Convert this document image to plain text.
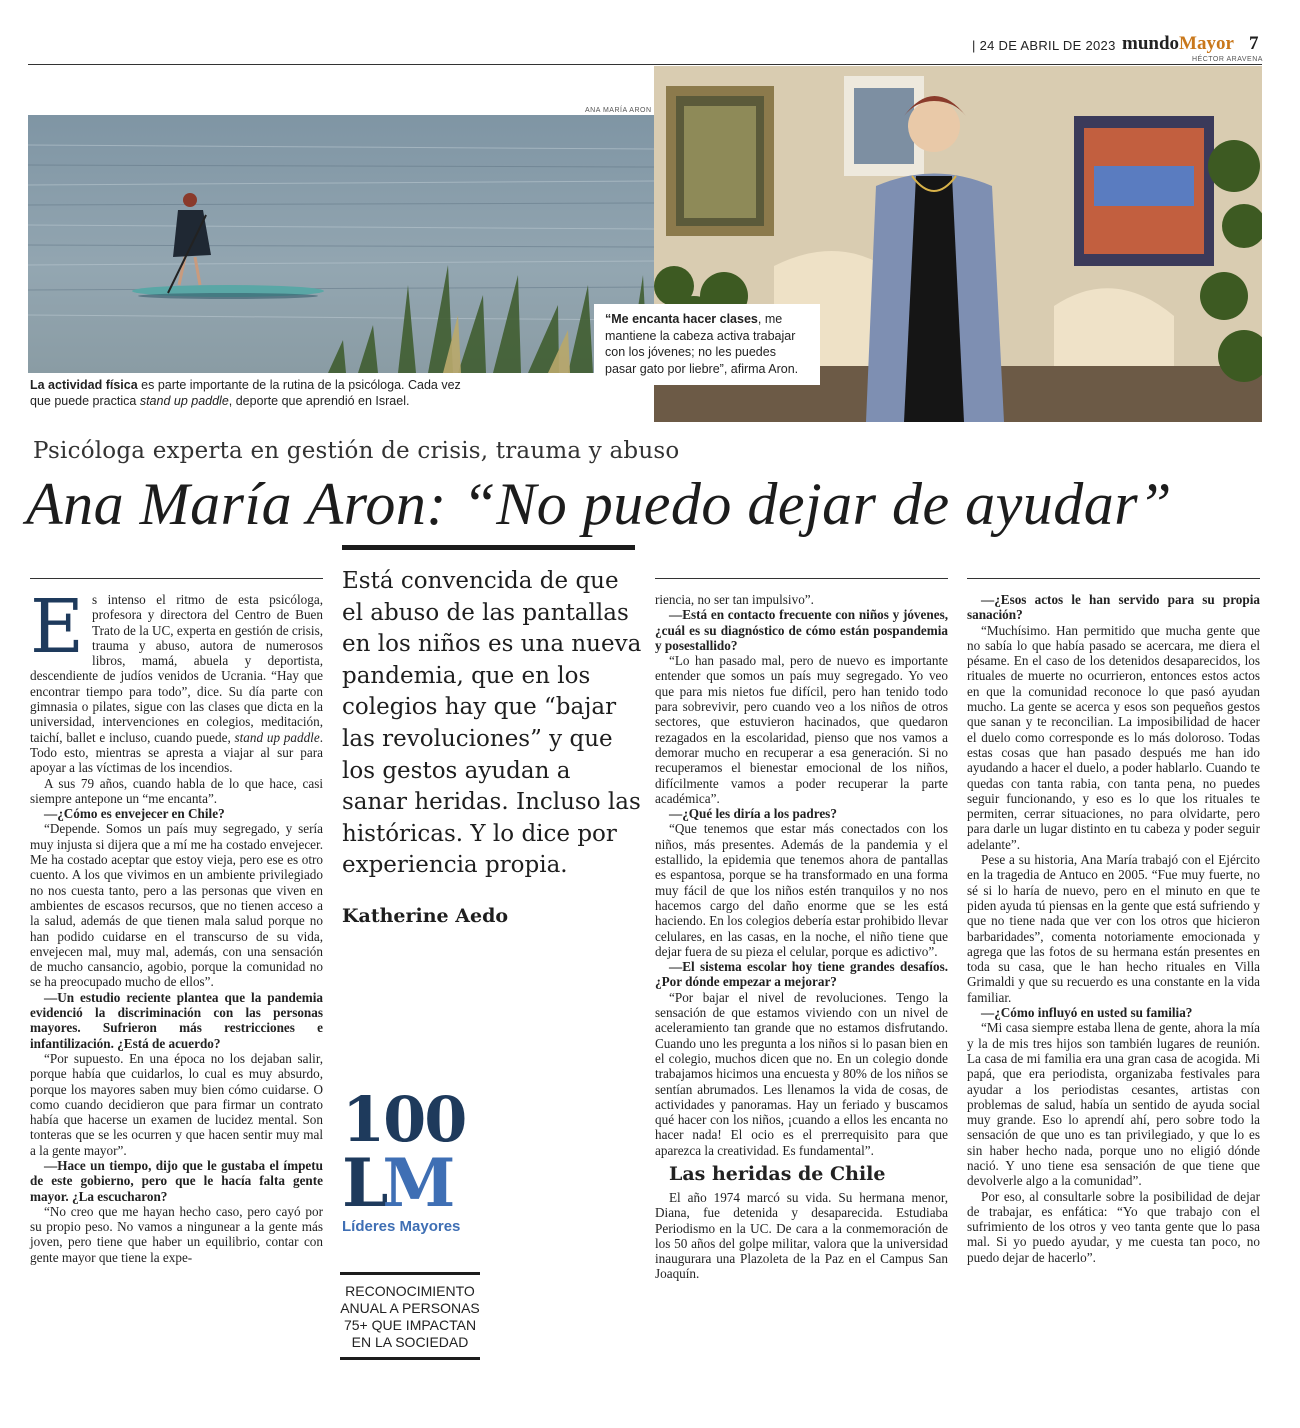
| 24 DE ABRIL DE 2023 mundoMayor 7
HÉCTOR ARAVENA
ANA MARÍA ARON
La actividad física es parte importante de la rutina de la psicóloga. Cada vez que puede practica stand up paddle, deporte que aprendió en Israel.
“Me encanta hacer clases, me mantiene la cabeza activa trabajar con los jóvenes; no les puedes pasar gato por liebre”, afirma Aron.
Psicóloga experta en gestión de crisis, trauma y abuso
Ana María Aron: “No puedo dejar de ayudar”
Está convencida de que el abuso de las pantallas en los niños es una nueva pandemia, que en los colegios hay que “bajar las revoluciones” y que los gestos ayudan a sanar heridas. Incluso las históricas. Y lo dice por experiencia propia.
Katherine Aedo

Es intenso el ritmo de esta psicóloga, profesora y directora del Centro de Buen Trato de la UC, experta en gestión de crisis, trauma y abuso, autora de numerosos libros, mamá, abuela y deportista, descendiente de judíos venidos de Ucrania. “Hay que encontrar tiempo para todo”, dice. Su día parte con gimnasia o pilates, sigue con las clases que dicta en la universidad, intervenciones en colegios, meditación, taichí, ballet e incluso, cuando puede, stand up paddle. Todo esto, mientras se apresta a viajar al sur para apoyar a las víctimas de los incendios.

A sus 79 años, cuando habla de lo que hace, casi siempre antepone un “me encanta”.

—¿Cómo es envejecer en Chile?

“Depende. Somos un país muy segregado, y sería muy injusta si dijera que a mí me ha costado envejecer. Me ha costado aceptar que estoy vieja, pero ese es otro cuento. A los que vivimos en un ambiente privilegiado no nos cuesta tanto, pero a las personas que viven en ambientes de escasos recursos, que no tienen acceso a la salud, además de que tienen mala salud porque no han podido cuidarse en el transcurso de su vida, envejecen mal, muy mal, además, con una sensación de mucho cansancio, agobio, porque la comunidad no se ha preocupado mucho de ellos”.

—Un estudio reciente plantea que la pandemia evidenció la discriminación con las personas mayores. Sufrieron más restricciones e infantilización. ¿Está de acuerdo?

“Por supuesto. En una época no los dejaban salir, porque había que cuidarlos, lo cual es muy absurdo, porque los mayores saben muy bien cómo cuidarse. O como cuando decidieron que para firmar un contrato había que hacerse un examen de lucidez mental. Son tonteras que se les ocurren y que hacen sentir muy mal a la gente mayor”.

—Hace un tiempo, dijo que le gustaba el ímpetu de este gobierno, pero que le hacía falta gente mayor. ¿La escucharon?

“No creo que me hayan hecho caso, pero cayó por su propio peso. No vamos a ningunear a la gente más joven, pero tiene que haber un equilibrio, contar con gente mayor que tiene la expe-

100
LM
Líderes Mayores
RECONOCIMIENTO ANUAL A PERSONAS 75+ QUE IMPACTAN EN LA SOCIEDAD

riencia, no ser tan impulsivo”.

—Está en contacto frecuente con niños y jóvenes, ¿cuál es su diagnóstico de cómo están pospandemia y posestallido?

“Lo han pasado mal, pero de nuevo es importante entender que somos un país muy segregado. Yo veo que para mis nietos fue difícil, pero han tenido todo para sobrevivir, pero cuando veo a los niños de otros sectores, que estuvieron hacinados, que quedaron rezagados en la escolaridad, pienso que nos vamos a demorar mucho en recuperar a esa generación. Si no recuperamos el bienestar emocional de los niños, difícilmente vamos a poder recuperar la parte académica”.

—¿Qué les diría a los padres?

“Que tenemos que estar más conectados con los niños, más presentes. Además de la pandemia y el estallido, la epidemia que tenemos ahora de pantallas es espantosa, porque se ha transformado en una forma muy fácil de que los niños estén tranquilos y no nos hacemos cargo del daño enorme que se les está haciendo. En los colegios debería estar prohibido llevar celulares, en las casas, en la noche, el niño tiene que dejar fuera de su pieza el celular, porque es adictivo”.

—El sistema escolar hoy tiene grandes desafíos. ¿Por dónde empezar a mejorar?

“Por bajar el nivel de revoluciones. Tengo la sensación de que estamos viviendo con un nivel de aceleramiento tan grande que no estamos disfrutando. Cuando uno les pregunta a los niños si lo pasan bien en el colegio, muchos dicen que no. En un colegio donde trabajamos hicimos una encuesta y 80% de los niños se sentían abrumados. Les llenamos la vida de cosas, de actividades y panoramas. Hay un feriado y buscamos qué hacer con los niños, ¡cuando a ellos les encanta no hacer nada! El ocio es el prerrequisito para que aparezca la creatividad. Es fundamental”.

Las heridas de Chile

El año 1974 marcó su vida. Su hermana menor, Diana, fue detenida y desaparecida. Estudiaba Periodismo en la UC. De cara a la conmemoración de los 50 años del golpe militar, valora que la universidad inaugurara una Plazoleta de la Paz en el Campus San Joaquín.

—¿Esos actos le han servido para su propia sanación?

“Muchísimo. Han permitido que mucha gente que no sabía lo que había pasado se acercara, me diera el pésame. En el caso de los detenidos desaparecidos, los rituales de muerte no ocurrieron, entonces estos actos en que la comunidad reconoce lo que pasó ayudan mucho. La gente se acerca y esos son pequeños gestos que sanan y te reconcilian. La imposibilidad de hacer el duelo como corresponde es lo más doloroso. Todas estas cosas que han pasado después me han ido ayudando a hacer el duelo, a poder hablarlo. Cuando te quedas con tanta rabia, con tanta pena, no puedes seguir funcionando, y eso es lo que los rituales te permiten, cerrar situaciones, no para olvidarte, pero para darle un lugar distinto en tu cabeza y poder seguir adelante”.

Pese a su historia, Ana María trabajó con el Ejército en la tragedia de Antuco en 2005. “Fue muy fuerte, no sé si lo haría de nuevo, pero en el minuto en que te piden ayuda tú piensas en la gente que está sufriendo y que no tiene nada que ver con los otros que hicieron barbaridades”, comenta notoriamente emocionada y agrega que las fotos de su hermana están presentes en toda su casa, que le han hecho rituales en Villa Grimaldi y que su recuerdo es una constante en la vida familiar.

—¿Cómo influyó en usted su familia?

“Mi casa siempre estaba llena de gente, ahora la mía y la de mis tres hijos son también lugares de reunión. La casa de mi familia era una gran casa de acogida. Mi papá, que era periodista, organizaba festivales para ayudar a los periodistas cesantes, artistas con problemas de salud, había un sentido de ayuda social muy grande. Eso lo aprendí ahí, pero sobre todo la sensación de que uno es tan privilegiado, y que lo es sin haber hecho nada, porque uno no eligió dónde nació. Y uno tiene esa sensación de que tiene que devolverle algo a la comunidad”.

Por eso, al consultarle sobre la posibilidad de dejar de trabajar, es enfática: “Yo que trabajo con el sufrimiento de los otros y veo tanta gente que lo pasa mal. Si yo puedo ayudar, y me cuesta tan poco, no puedo dejar de hacerlo”.
